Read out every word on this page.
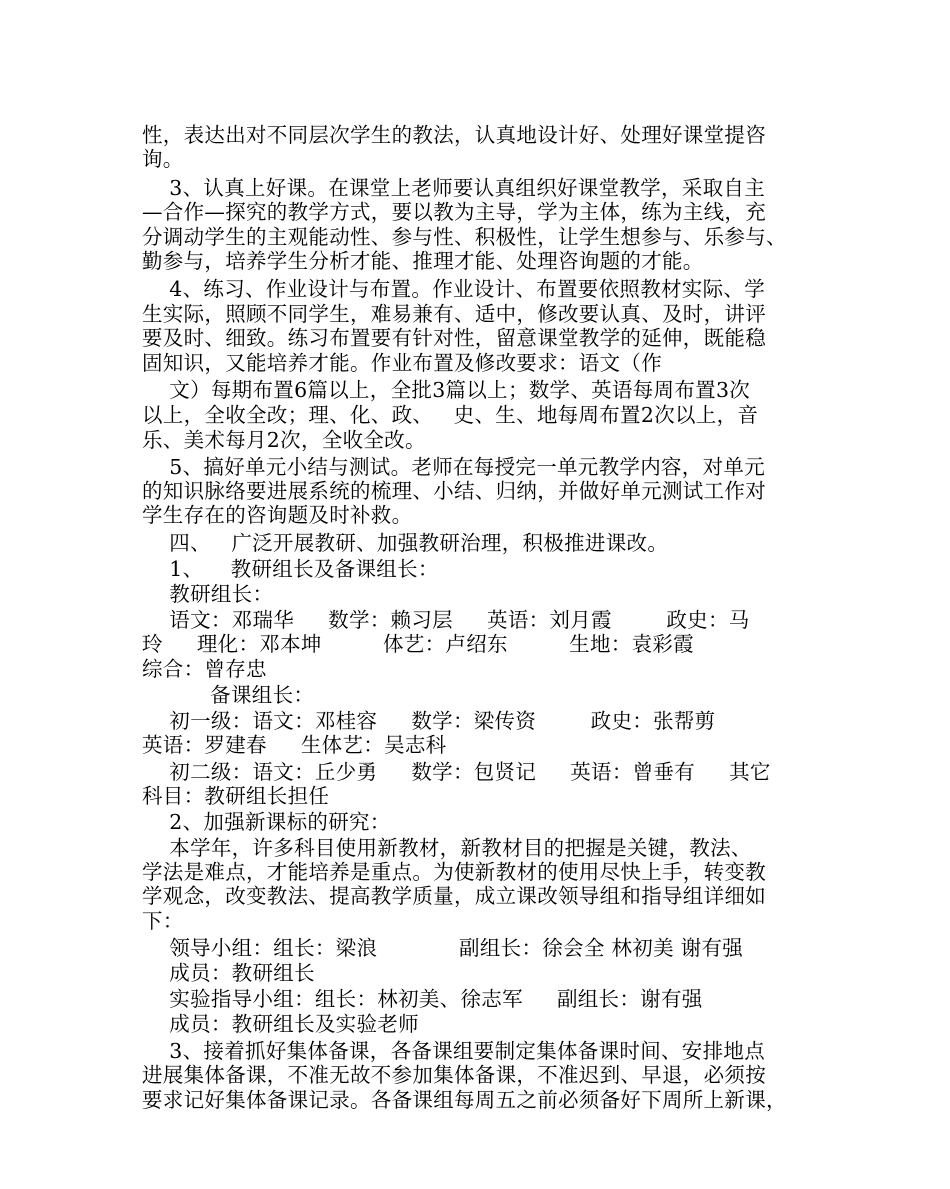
性，表达出对不同层次学生的教法，认真地设计好、处理好课堂提咨
询。
3、认真上好课。在课堂上老师要认真组织好课堂教学，采取自主
—合作—探究的教学方式，要以教为主导，学为主体，练为主线，充
分调动学生的主观能动性、参与性、积极性，让学生想参与、乐参与、
勤参与，培养学生分析才能、推理才能、处理咨询题的才能。
4、练习、作业设计与布置。作业设计、布置要依照教材实际、学
生实际，照顾不同学生，难易兼有、适中，修改要认真、及时，讲评
要及时、细致。练习布置要有针对性，留意课堂教学的延伸，既能稳
固知识，又能培养才能。作业布置及修改要求：语文（作
文）每期布置6篇以上，全批3篇以上；数学、英语每周布置3次
以上，全收全改；理、化、政、   史、生、地每周布置2次以上，音
乐、美术每月2次，全收全改。
5、搞好单元小结与测试。老师在每授完一单元教学内容，对单元
的知识脉络要进展系统的梳理、小结、归纳，并做好单元测试工作对
学生存在的咨询题及时补救。
四、   广泛开展教研、加强教研治理，积极推进课改。
1、    教研组长及备课组长：
教研组长：
语文：邓瑞华     数学：赖习层     英语：刘月霞        政史：马
玲     理化：邓本坤         体艺：卢绍东         生地：袁彩霞
综合：曾存忠
备课组长：
初一级：语文：邓桂容     数学：梁传资        政史：张帮剪
英语：罗建春     生体艺：吴志科
初二级：语文：丘少勇     数学：包贤记     英语：曾垂有     其它
科目：教研组长担任
2、加强新课标的研究：
本学年，许多科目使用新教材，新教材目的把握是关键，教法、
学法是难点，才能培养是重点。为使新教材的使用尽快上手，转变教
学观念，改变教法、提高教学质量，成立课改领导组和指导组详细如
下：
领导小组：组长：梁浪            副组长：徐会全 林初美 谢有强
成员：教研组长
实验指导小组：组长：林初美、徐志军     副组长：谢有强
成员：教研组长及实验老师
3、接着抓好集体备课，各备课组要制定集体备课时间、安排地点
进展集体备课，不准无故不参加集体备课，不准迟到、早退，必须按
要求记好集体备课记录。各备课组每周五之前必须备好下周所上新课，
